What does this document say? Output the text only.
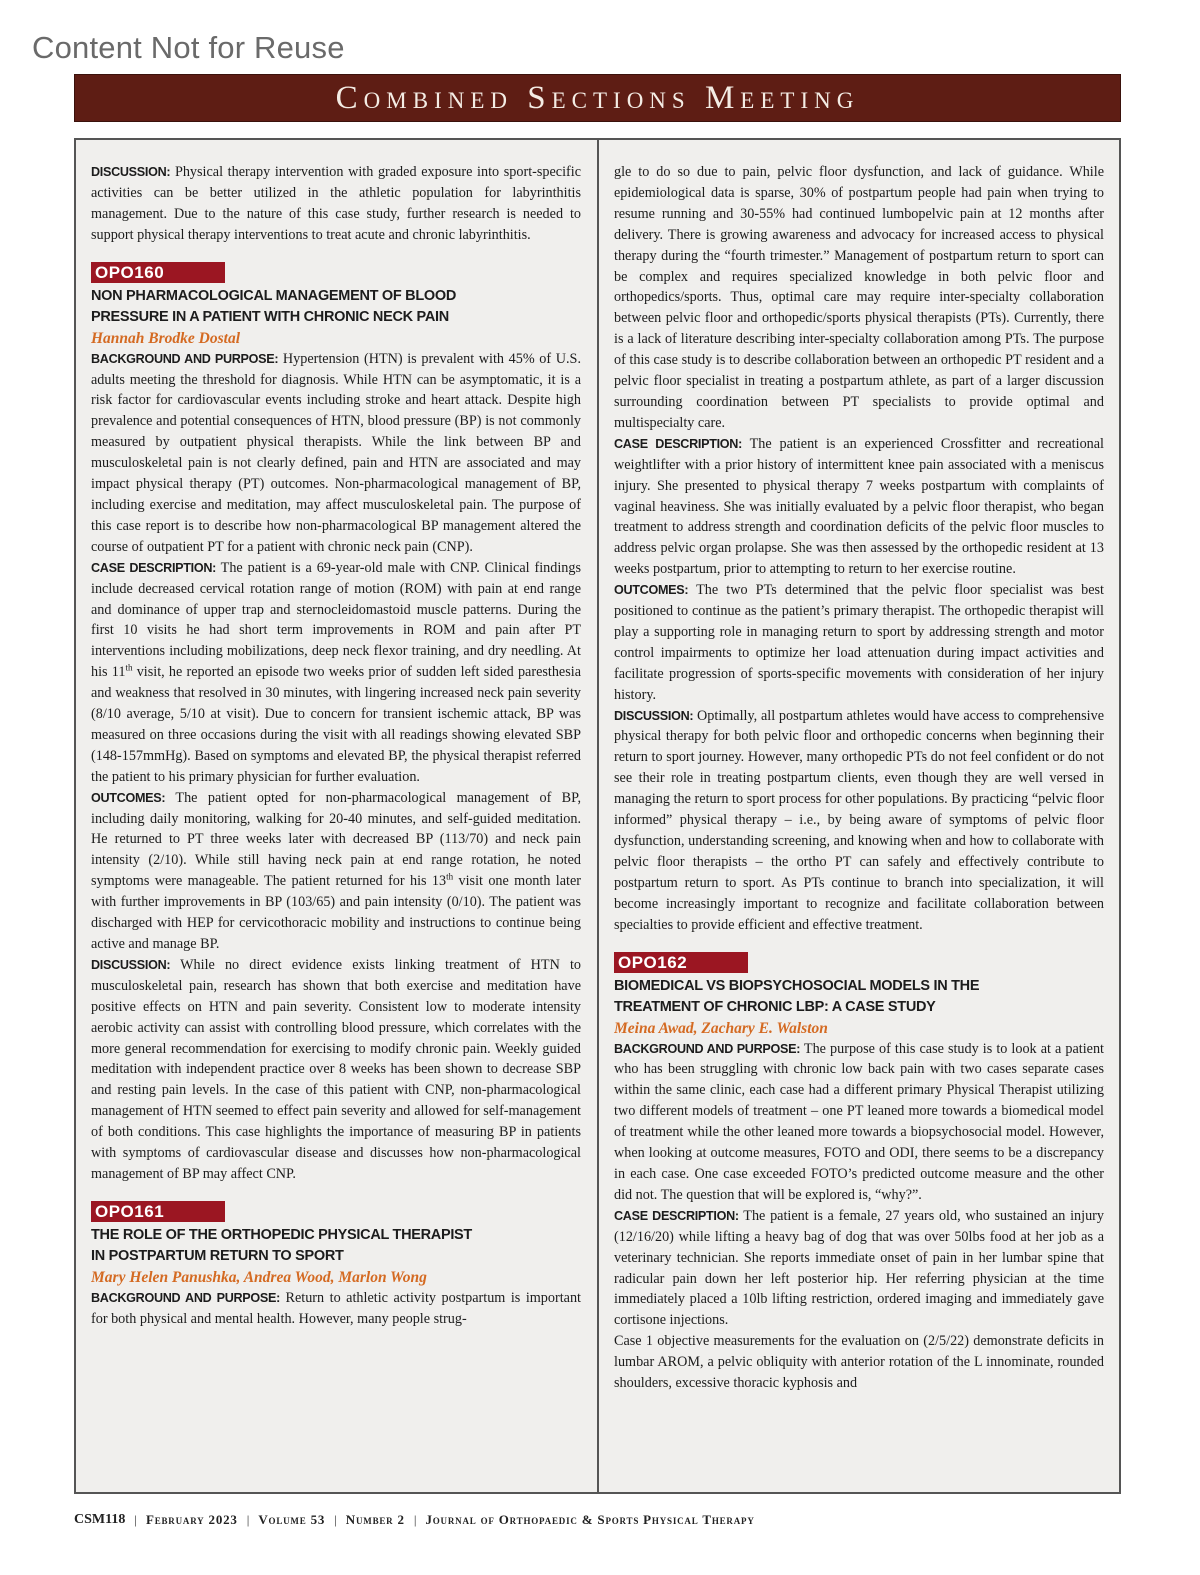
Content Not for Reuse
Combined Sections Meeting

DISCUSSION: Physical therapy intervention with graded exposure into sport-specific activities can be better utilized in the athletic population for labyrinthitis management. Due to the nature of this case study, further research is needed to support physical therapy interventions to treat acute and chronic labyrinthitis.

OPO160
NON PHARMACOLOGICAL MANAGEMENT OF BLOOD
PRESSURE IN A PATIENT WITH CHRONIC NECK PAIN
Hannah Brodke Dostal

BACKGROUND AND PURPOSE: Hypertension (HTN) is prevalent with 45% of U.S. adults meeting the threshold for diagnosis. While HTN can be asymptomatic, it is a risk factor for cardiovascular events including stroke and heart attack. Despite high prevalence and potential consequences of HTN, blood pressure (BP) is not commonly measured by outpatient physical therapists. While the link between BP and musculoskeletal pain is not clearly defined, pain and HTN are associated and may impact physical therapy (PT) outcomes. Non-pharmacological management of BP, including exercise and meditation, may affect musculoskeletal pain. The purpose of this case report is to describe how non-pharmacological BP management altered the course of outpatient PT for a patient with chronic neck pain (CNP).

CASE DESCRIPTION: The patient is a 69-year-old male with CNP. Clinical findings include decreased cervical rotation range of motion (ROM) with pain at end range and dominance of upper trap and sternocleidomastoid muscle patterns. During the first 10 visits he had short term improvements in ROM and pain after PT interventions including mobilizations, deep neck flexor training, and dry needling. At his 11th visit, he reported an episode two weeks prior of sudden left sided paresthesia and weakness that resolved in 30 minutes, with lingering increased neck pain severity (8/10 average, 5/10 at visit). Due to concern for transient ischemic attack, BP was measured on three occasions during the visit with all readings showing elevated SBP (148-157mmHg). Based on symptoms and elevated BP, the physical therapist referred the patient to his primary physician for further evaluation.

OUTCOMES: The patient opted for non-pharmacological management of BP, including daily monitoring, walking for 20-40 minutes, and self-guided meditation. He returned to PT three weeks later with decreased BP (113/70) and neck pain intensity (2/10). While still having neck pain at end range rotation, he noted symptoms were manageable. The patient returned for his 13th visit one month later with further improvements in BP (103/65) and pain intensity (0/10). The patient was discharged with HEP for cervicothoracic mobility and instructions to continue being active and manage BP.

DISCUSSION: While no direct evidence exists linking treatment of HTN to musculoskeletal pain, research has shown that both exercise and meditation have positive effects on HTN and pain severity. Consistent low to moderate intensity aerobic activity can assist with controlling blood pressure, which correlates with the more general recommendation for exercising to modify chronic pain. Weekly guided meditation with independent practice over 8 weeks has been shown to decrease SBP and resting pain levels. In the case of this patient with CNP, non-pharmacological management of HTN seemed to effect pain severity and allowed for self-management of both conditions. This case highlights the importance of measuring BP in patients with symptoms of cardiovascular disease and discusses how non-pharmacological management of BP may affect CNP.

OPO161
THE ROLE OF THE ORTHOPEDIC PHYSICAL THERAPIST
IN POSTPARTUM RETURN TO SPORT
Mary Helen Panushka, Andrea Wood, Marlon Wong

BACKGROUND AND PURPOSE: Return to athletic activity postpartum is important for both physical and mental health. However, many people strug-

gle to do so due to pain, pelvic floor dysfunction, and lack of guidance. While epidemiological data is sparse, 30% of postpartum people had pain when trying to resume running and 30-55% had continued lumbopelvic pain at 12 months after delivery. There is growing awareness and advocacy for increased access to physical therapy during the “fourth trimester.” Management of postpartum return to sport can be complex and requires specialized knowledge in both pelvic floor and orthopedics/sports. Thus, optimal care may require inter-specialty collaboration between pelvic floor and orthopedic/sports physical therapists (PTs). Currently, there is a lack of literature describing inter-specialty collaboration among PTs. The purpose of this case study is to describe collaboration between an orthopedic PT resident and a pelvic floor specialist in treating a postpartum athlete, as part of a larger discussion surrounding coordination between PT specialists to provide optimal and multispecialty care.

CASE DESCRIPTION: The patient is an experienced Crossfitter and recreational weightlifter with a prior history of intermittent knee pain associated with a meniscus injury. She presented to physical therapy 7 weeks postpartum with complaints of vaginal heaviness. She was initially evaluated by a pelvic floor therapist, who began treatment to address strength and coordination deficits of the pelvic floor muscles to address pelvic organ prolapse. She was then assessed by the orthopedic resident at 13 weeks postpartum, prior to attempting to return to her exercise routine.

OUTCOMES: The two PTs determined that the pelvic floor specialist was best positioned to continue as the patient’s primary therapist. The orthopedic therapist will play a supporting role in managing return to sport by addressing strength and motor control impairments to optimize her load attenuation during impact activities and facilitate progression of sports-specific movements with consideration of her injury history.

DISCUSSION: Optimally, all postpartum athletes would have access to comprehensive physical therapy for both pelvic floor and orthopedic concerns when beginning their return to sport journey. However, many orthopedic PTs do not feel confident or do not see their role in treating postpartum clients, even though they are well versed in managing the return to sport process for other populations. By practicing “pelvic floor informed” physical therapy – i.e., by being aware of symptoms of pelvic floor dysfunction, understanding screening, and knowing when and how to collaborate with pelvic floor therapists – the ortho PT can safely and effectively contribute to postpartum return to sport. As PTs continue to branch into specialization, it will become increasingly important to recognize and facilitate collaboration between specialties to provide efficient and effective treatment.

OPO162
BIOMEDICAL VS BIOPSYCHOSOCIAL MODELS IN THE
TREATMENT OF CHRONIC LBP: A CASE STUDY
Meina Awad, Zachary E. Walston

BACKGROUND AND PURPOSE: The purpose of this case study is to look at a patient who has been struggling with chronic low back pain with two cases separate cases within the same clinic, each case had a different primary Physical Therapist utilizing two different models of treatment – one PT leaned more towards a biomedical model of treatment while the other leaned more towards a biopsychosocial model. However, when looking at outcome measures, FOTO and ODI, there seems to be a discrepancy in each case. One case exceeded FOTO’s predicted outcome measure and the other did not. The question that will be explored is, “why?”.

CASE DESCRIPTION: The patient is a female, 27 years old, who sustained an injury (12/16/20) while lifting a heavy bag of dog that was over 50lbs food at her job as a veterinary technician. She reports immediate onset of pain in her lumbar spine that radicular pain down her left posterior hip. Her referring physician at the time immediately placed a 10lb lifting restriction, ordered imaging and immediately gave cortisone injections.

Case 1 objective measurements for the evaluation on (2/5/22) demonstrate deficits in lumbar AROM, a pelvic obliquity with anterior rotation of the L innominate, rounded shoulders, excessive thoracic kyphosis and

CSM118 | February 2023 | Volume 53 | Number 2 | Journal of Orthopaedic & Sports Physical Therapy
